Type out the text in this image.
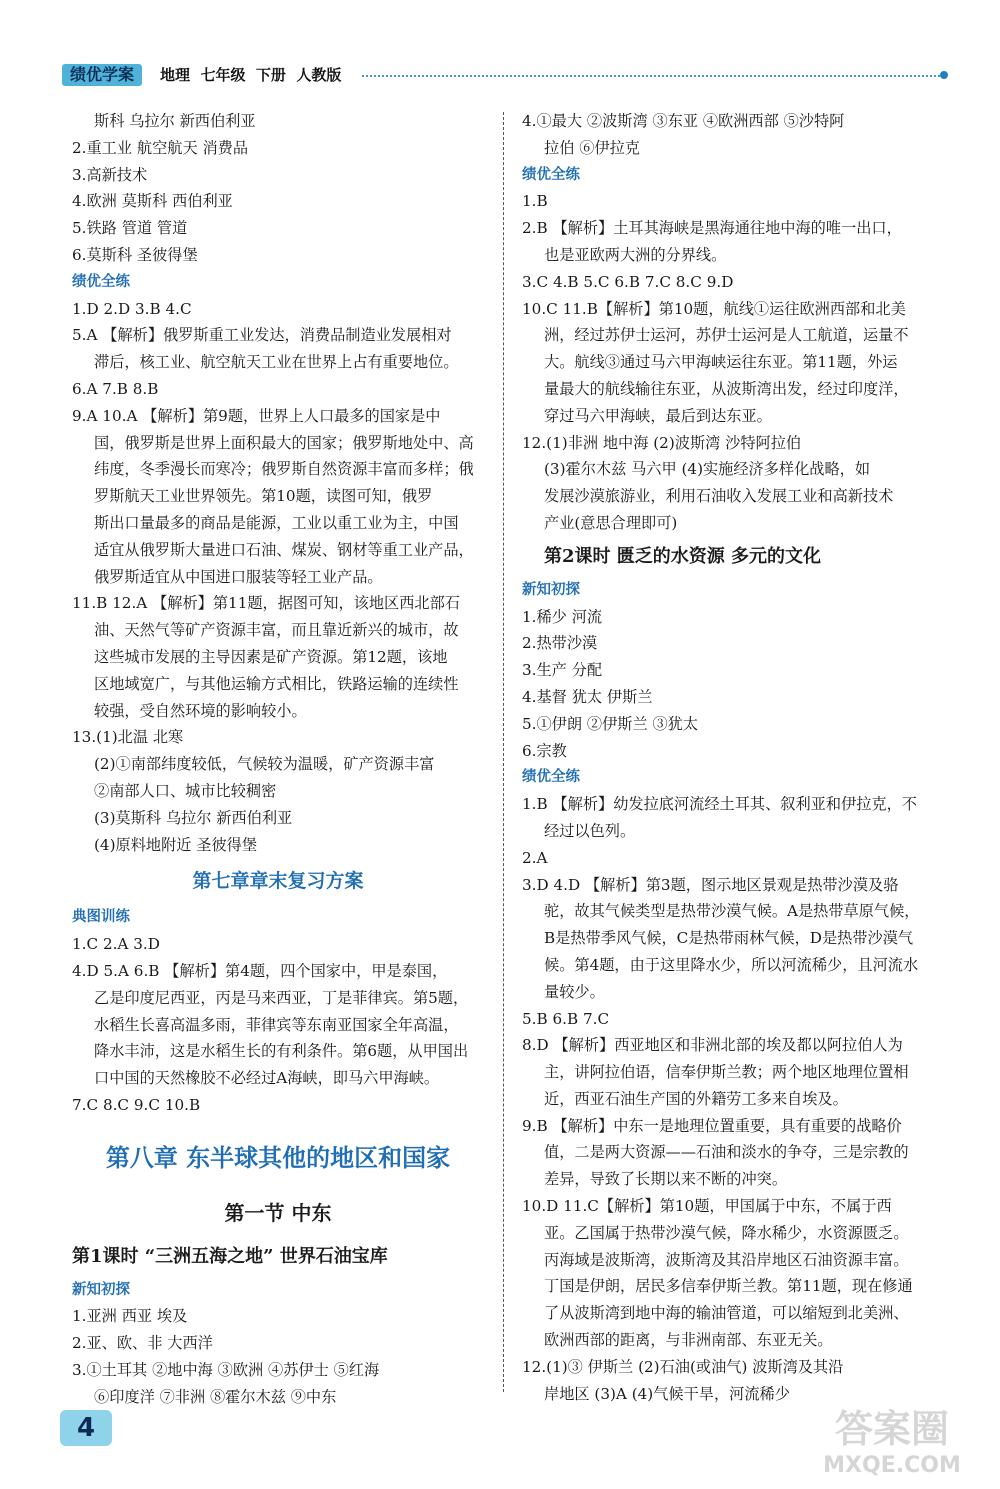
绩优学案	地理  七年级  下册  人教版
斯科 乌拉尔 新西伯利亚
2.重工业 航空航天 消费品
3.高新技术
4.欧洲 莫斯科 西伯利亚
5.铁路 管道 管道
6.莫斯科 圣彼得堡
绩优全练
1.D 2.D 3.B 4.C
5.A 【解析】俄罗斯重工业发达，消费品制造业发展相对
滞后，核工业、航空航天工业在世界上占有重要地位。
6.A 7.B 8.B
9.A 10.A 【解析】第9题，世界上人口最多的国家是中
国，俄罗斯是世界上面积最大的国家；俄罗斯地处中、高
纬度，冬季漫长而寒冷；俄罗斯自然资源丰富而多样；俄
罗斯航天工业世界领先。第10题，读图可知，俄罗
斯出口量最多的商品是能源，工业以重工业为主，中国
适宜从俄罗斯大量进口石油、煤炭、钢材等重工业产品，
俄罗斯适宜从中国进口服装等轻工业产品。
11.B 12.A 【解析】第11题，据图可知，该地区西北部石
油、天然气等矿产资源丰富，而且靠近新兴的城市，故
这些城市发展的主导因素是矿产资源。第12题，该地
区地域宽广，与其他运输方式相比，铁路运输的连续性
较强，受自然环境的影响较小。
13.(1)北温 北寒
(2)①南部纬度较低，气候较为温暖，矿产资源丰富
②南部人口、城市比较稠密
(3)莫斯科 乌拉尔 新西伯利亚
(4)原料地附近 圣彼得堡
第七章章末复习方案
典图训练
1.C 2.A 3.D
4.D 5.A 6.B 【解析】第4题，四个国家中，甲是泰国，
乙是印度尼西亚，丙是马来西亚，丁是菲律宾。第5题，
水稻生长喜高温多雨，菲律宾等东南亚国家全年高温，
降水丰沛，这是水稻生长的有利条件。第6题，从甲国出
口中国的天然橡胶不必经过A海峡，即马六甲海峡。
7.C 8.C 9.C 10.B
第八章 东半球其他的地区和国家
第一节 中东
第1课时 “三洲五海之地” 世界石油宝库
新知初探
1.亚洲 西亚 埃及
2.亚、欧、非 大西洋
3.①土耳其 ②地中海 ③欧洲 ④苏伊士 ⑤红海
⑥印度洋 ⑦非洲 ⑧霍尔木兹 ⑨中东
4.①最大 ②波斯湾 ③东亚 ④欧洲西部 ⑤沙特阿
拉伯 ⑥伊拉克
绩优全练
1.B
2.B 【解析】土耳其海峡是黑海通往地中海的唯一出口，
也是亚欧两大洲的分界线。
3.C 4.B 5.C 6.B 7.C 8.C 9.D
10.C 11.B【解析】第10题，航线①运往欧洲西部和北美
洲，经过苏伊士运河，苏伊士运河是人工航道，运量不
大。航线③通过马六甲海峡运往东亚。第11题，外运
量最大的航线输往东亚，从波斯湾出发，经过印度洋，
穿过马六甲海峡，最后到达东亚。
12.(1)非洲 地中海 (2)波斯湾 沙特阿拉伯
(3)霍尔木兹 马六甲 (4)实施经济多样化战略，如
发展沙漠旅游业，利用石油收入发展工业和高新技术
产业(意思合理即可)
第2课时 匮乏的水资源 多元的文化
新知初探
1.稀少 河流
2.热带沙漠
3.生产 分配
4.基督 犹太 伊斯兰
5.①伊朗 ②伊斯兰 ③犹太
6.宗教
绩优全练
1.B 【解析】幼发拉底河流经土耳其、叙利亚和伊拉克，不
经过以色列。
2.A
3.D 4.D 【解析】第3题，图示地区景观是热带沙漠及骆
驼，故其气候类型是热带沙漠气候。A是热带草原气候，
B是热带季风气候，C是热带雨林气候，D是热带沙漠气
候。第4题，由于这里降水少，所以河流稀少，且河流水
量较少。
5.B 6.B 7.C
8.D 【解析】西亚地区和非洲北部的埃及都以阿拉伯人为
主，讲阿拉伯语，信奉伊斯兰教；两个地区地理位置相
近，西亚石油生产国的外籍劳工多来自埃及。
9.B 【解析】中东一是地理位置重要，具有重要的战略价
值，二是两大资源——石油和淡水的争夺，三是宗教的
差异，导致了长期以来不断的冲突。
10.D 11.C【解析】第10题，甲国属于中东，不属于西
亚。乙国属于热带沙漠气候，降水稀少，水资源匮乏。
丙海域是波斯湾，波斯湾及其沿岸地区石油资源丰富。
丁国是伊朗，居民多信奉伊斯兰教。第11题，现在修通
了从波斯湾到地中海的输油管道，可以缩短到北美洲、
欧洲西部的距离，与非洲南部、东亚无关。
12.(1)③ 伊斯兰 (2)石油(或油气) 波斯湾及其沿
岸地区 (3)A (4)气候干旱，河流稀少
4	答案圈
MXQE.COM
